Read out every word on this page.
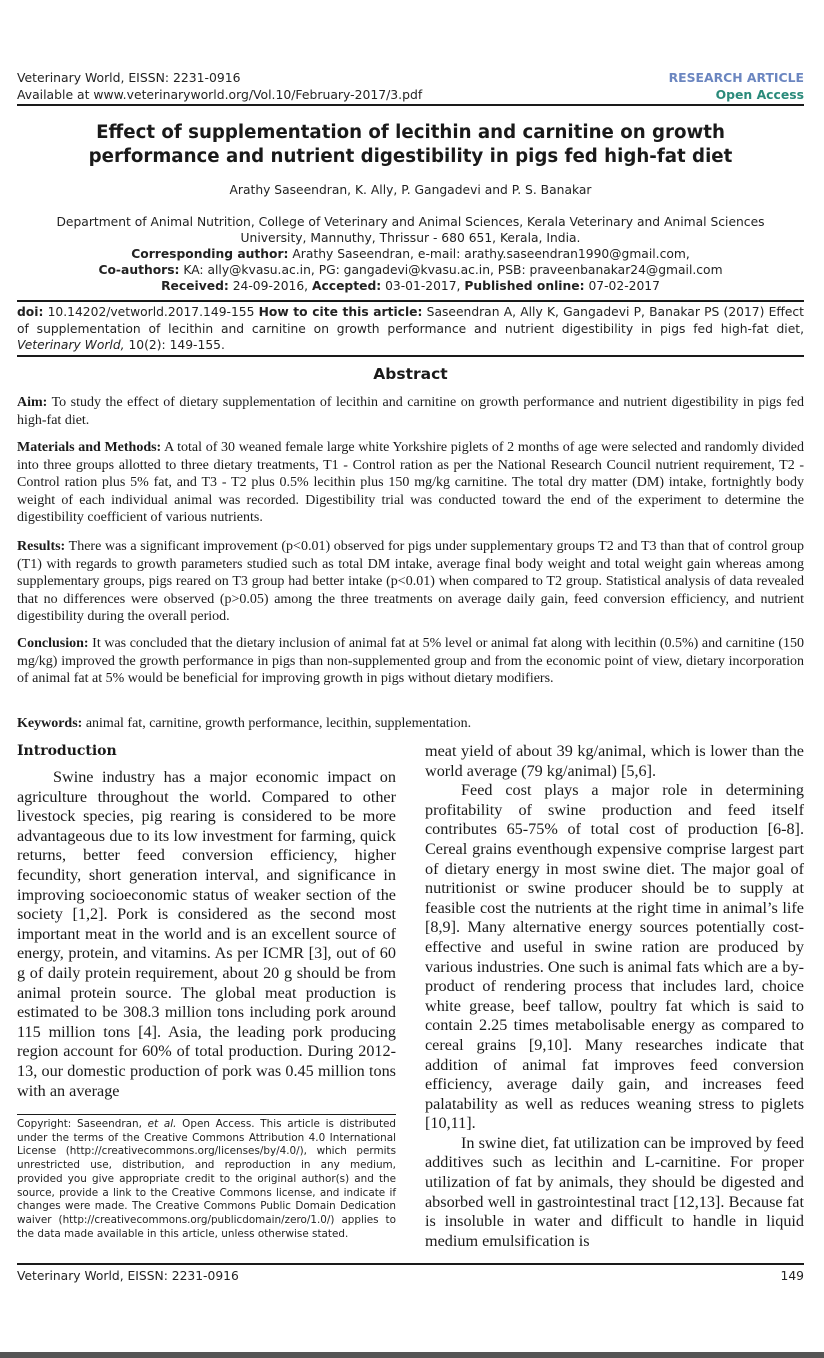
Veterinary World, EISSN: 2231-0916
Available at www.veterinaryworld.org/Vol.10/February-2017/3.pdf
RESEARCH ARTICLE
Open Access
Effect of supplementation of lecithin and carnitine on growth
performance and nutrient digestibility in pigs fed high-fat diet
Arathy Saseendran, K. Ally, P. Gangadevi and P. S. Banakar
Department of Animal Nutrition, College of Veterinary and Animal Sciences, Kerala Veterinary and Animal Sciences
University, Mannuthy, Thrissur - 680 651, Kerala, India.
Corresponding author: Arathy Saseendran, e-mail: arathy.saseendran1990@gmail.com,
Co-authors: KA: ally@kvasu.ac.in, PG: gangadevi@kvasu.ac.in, PSB: praveenbanakar24@gmail.com
Received: 24-09-2016, Accepted: 03-01-2017, Published online: 07-02-2017
doi: 10.14202/vetworld.2017.149-155 How to cite this article: Saseendran A, Ally K, Gangadevi P, Banakar PS (2017) Effect of supplementation of lecithin and carnitine on growth performance and nutrient digestibility in pigs fed high-fat diet, Veterinary World, 10(2): 149-155.
Abstract
Aim: To study the effect of dietary supplementation of lecithin and carnitine on growth performance and nutrient digestibility in pigs fed high-fat diet.
Materials and Methods: A total of 30 weaned female large white Yorkshire piglets of 2 months of age were selected and randomly divided into three groups allotted to three dietary treatments, T1 - Control ration as per the National Research Council nutrient requirement, T2 - Control ration plus 5% fat, and T3 - T2 plus 0.5% lecithin plus 150 mg/kg carnitine. The total dry matter (DM) intake, fortnightly body weight of each individual animal was recorded. Digestibility trial was conducted toward the end of the experiment to determine the digestibility coefficient of various nutrients.
Results: There was a significant improvement (p<0.01) observed for pigs under supplementary groups T2 and T3 than that of control group (T1) with regards to growth parameters studied such as total DM intake, average final body weight and total weight gain whereas among supplementary groups, pigs reared on T3 group had better intake (p<0.01) when compared to T2 group. Statistical analysis of data revealed that no differences were observed (p>0.05) among the three treatments on average daily gain, feed conversion efficiency, and nutrient digestibility during the overall period.
Conclusion: It was concluded that the dietary inclusion of animal fat at 5% level or animal fat along with lecithin (0.5%) and carnitine (150 mg/kg) improved the growth performance in pigs than non-supplemented group and from the economic point of view, dietary incorporation of animal fat at 5% would be beneficial for improving growth in pigs without dietary modifiers.
Keywords: animal fat, carnitine, growth performance, lecithin, supplementation.
Introduction

Swine industry has a major economic impact on agriculture throughout the world. Compared to other livestock species, pig rearing is considered to be more advantageous due to its low investment for farming, quick returns, better feed conversion efficiency, higher fecundity, short generation interval, and significance in improving socioeconomic status of weaker section of the society [1,2]. Pork is considered as the second most important meat in the world and is an excellent source of energy, protein, and vitamins. As per ICMR [3], out of 60 g of daily protein requirement, about 20 g should be from animal protein source. The global meat production is estimated to be 308.3 million tons including pork around 115 million tons [4]. Asia, the leading pork producing region account for 60% of total production. During 2012-13, our domestic production of pork was 0.45 million tons with an average

meat yield of about 39 kg/animal, which is lower than the world average (79 kg/animal) [5,6].

Feed cost plays a major role in determining profitability of swine production and feed itself contributes 65-75% of total cost of production [6-8]. Cereal grains eventhough expensive comprise largest part of dietary energy in most swine diet. The major goal of nutritionist or swine producer should be to supply at feasible cost the nutrients at the right time in animal’s life [8,9]. Many alternative energy sources potentially cost-effective and useful in swine ration are produced by various industries. One such is animal fats which are a by-product of rendering process that includes lard, choice white grease, beef tallow, poultry fat which is said to contain 2.25 times metabolisable energy as compared to cereal grains [9,10]. Many researches indicate that addition of animal fat improves feed conversion efficiency, average daily gain, and increases feed palatability as well as reduces weaning stress to piglets [10,11].

In swine diet, fat utilization can be improved by feed additives such as lecithin and L-carnitine. For proper utilization of fat by animals, they should be digested and absorbed well in gastrointestinal tract [12,13]. Because fat is insoluble in water and difficult to handle in liquid medium emulsification is

Copyright: Saseendran, et al. Open Access. This article is distributed under the terms of the Creative Commons Attribution 4.0 International License (http://creativecommons.org/licenses/by/4.0/), which permits unrestricted use, distribution, and reproduction in any medium, provided you give appropriate credit to the original author(s) and the source, provide a link to the Creative Commons license, and indicate if changes were made. The Creative Commons Public Domain Dedication waiver (http://creativecommons.org/publicdomain/zero/1.0/) applies to the data made available in this article, unless otherwise stated.
Veterinary World, EISSN: 2231-0916	149
